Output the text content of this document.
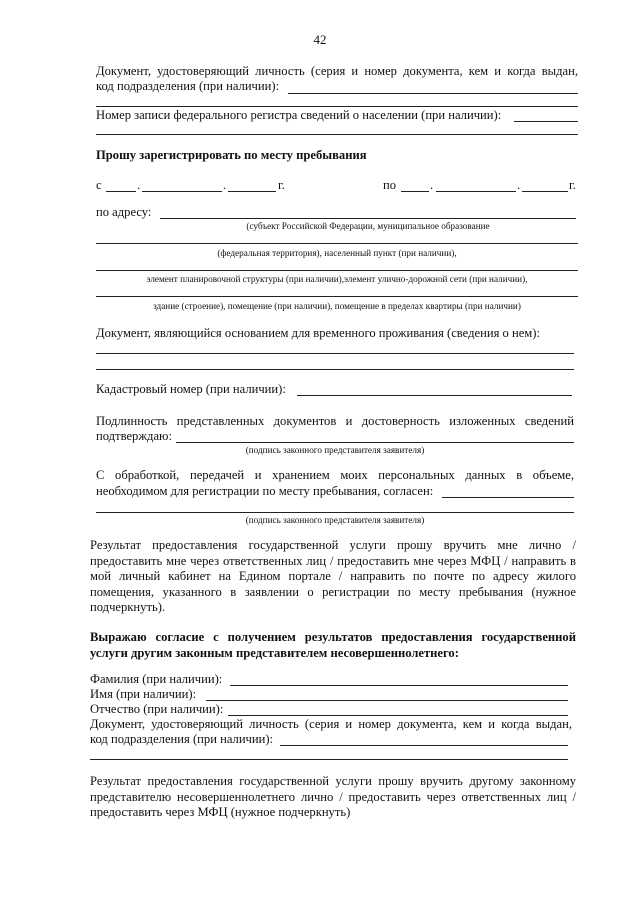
42
Документ, удостоверяющий личность (серия и номер документа, кем и когда выдан,
код подразделения (при наличии):
Номер записи федерального регистра сведений о населении (при наличии):
Прошу зарегистрировать по месту пребывания
с	.	.	г.	по	.	.	г.
по адресу:
(субъект Российской Федерации, муниципальное образование
(федеральная территория), населенный пункт (при наличии),
элемент планировочной структуры (при наличии),элемент улично-дорожной сети (при наличии),
здание (строение), помещение (при наличии), помещение в пределах квартиры (при наличии)
Документ, являющийся основанием для временного проживания (сведения о нем):
Кадастровый номер (при наличии):
Подлинность представленных документов и достоверность изложенных сведений
подтверждаю:
(подпись законного представителя заявителя)
С обработкой, передачей и хранением моих персональных данных в объеме,
необходимом для регистрации по месту пребывания, согласен:
(подпись законного представителя заявителя)
Результат предоставления государственной услуги прошу вручить мне лично / предоставить мне через ответственных лиц / предоставить мне через МФЦ / направить в мой личный кабинет на Едином портале / направить по почте по адресу жилого помещения, указанного в заявлении о регистрации по месту пребывания (нужное подчеркнуть).
Выражаю согласие с получением результатов предоставления государственной услуги другим законным представителем несовершеннолетнего:
Фамилия (при наличии):
Имя (при наличии):
Отчество (при наличии):
Документ, удостоверяющий личность (серия и номер документа, кем и когда выдан,
код подразделения (при наличии):
Результат предоставления государственной услуги прошу вручить другому законному представителю несовершеннолетнего лично / предоставить через ответственных лиц / предоставить через МФЦ (нужное подчеркнуть)
